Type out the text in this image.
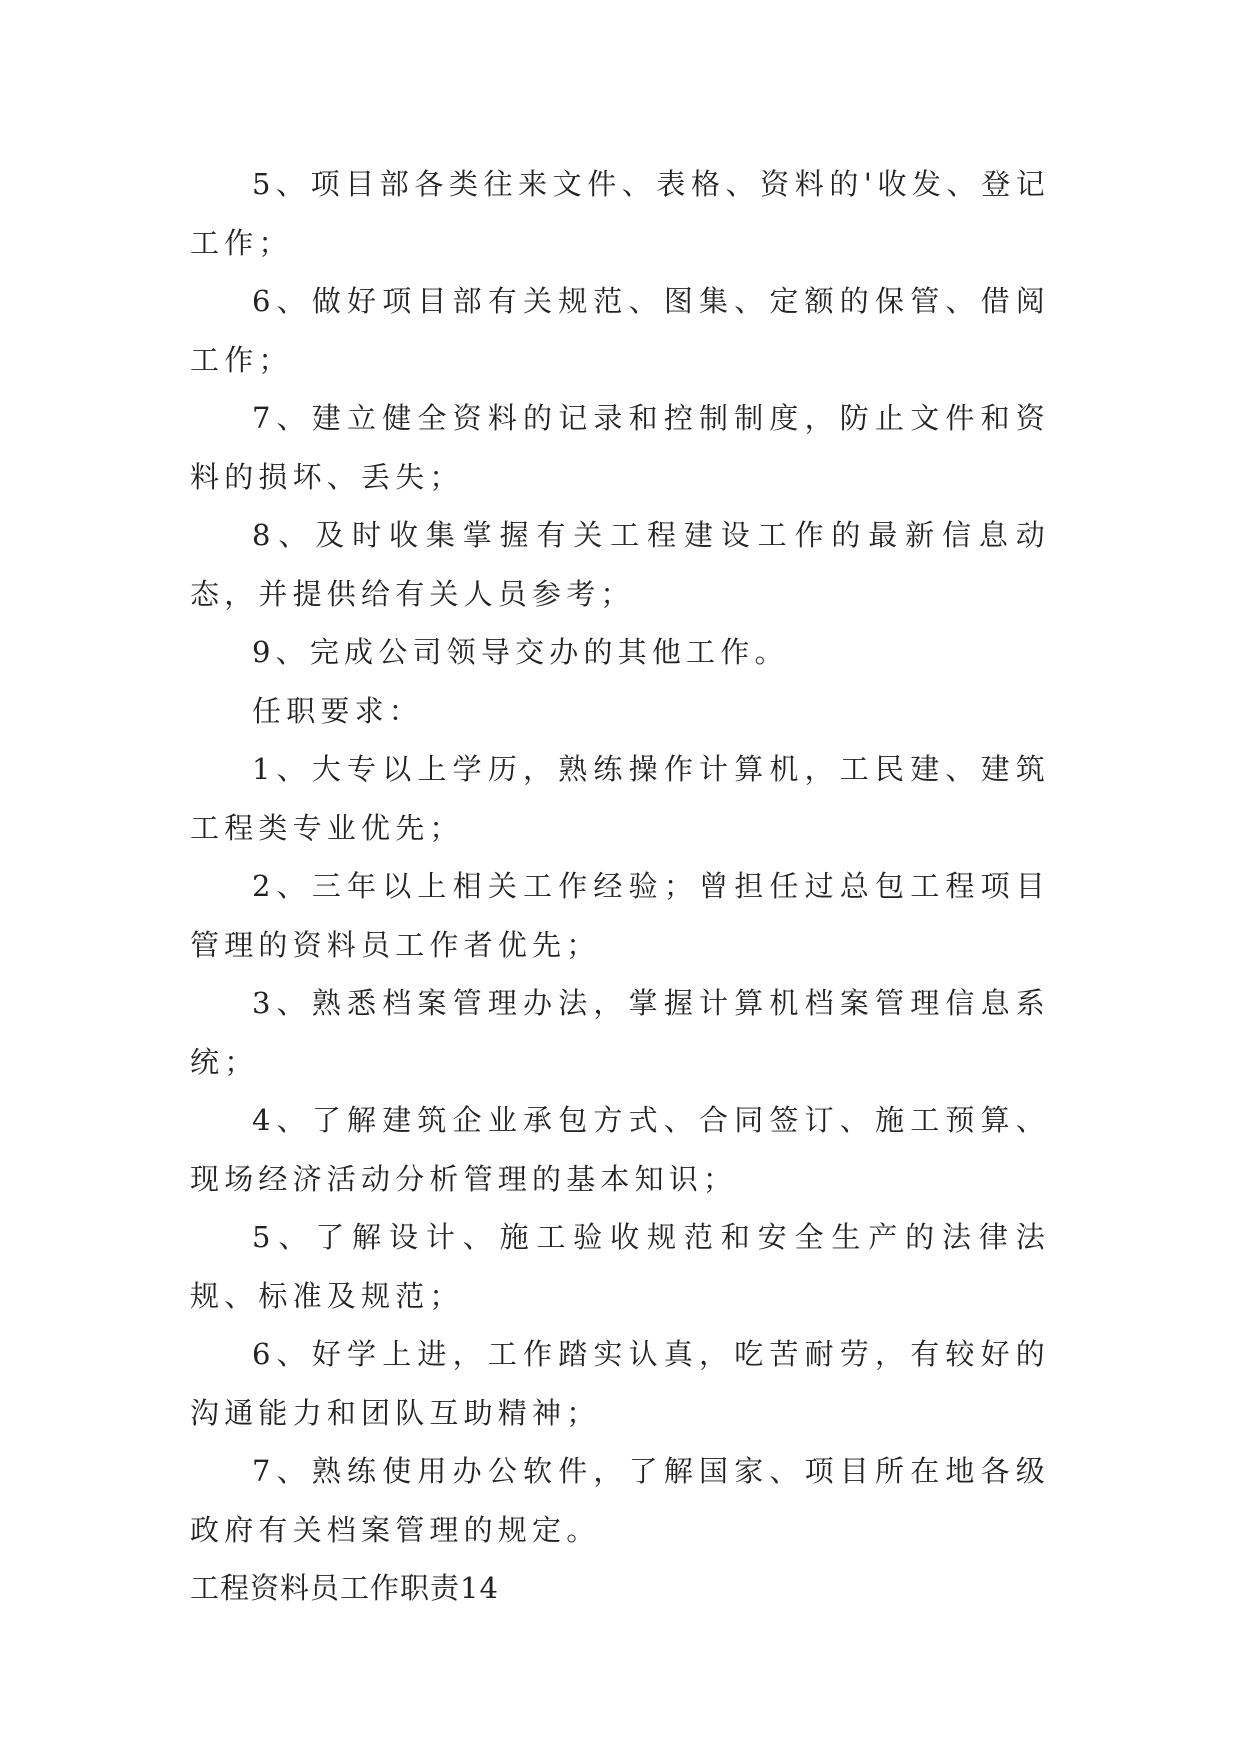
5、项目部各类往来文件、表格、资料的'收发、登记工作；

6、做好项目部有关规范、图集、定额的保管、借阅工作；

7、建立健全资料的记录和控制制度，防止文件和资料的损坏、丢失；

8、及时收集掌握有关工程建设工作的最新信息动态，并提供给有关人员参考；

9、完成公司领导交办的其他工作。

任职要求：

1、大专以上学历，熟练操作计算机，工民建、建筑工程类专业优先；

2、三年以上相关工作经验；曾担任过总包工程项目管理的资料员工作者优先；

3、熟悉档案管理办法，掌握计算机档案管理信息系统；

4、了解建筑企业承包方式、合同签订、施工预算、现场经济活动分析管理的基本知识；

5、了解设计、施工验收规范和安全生产的法律法规、标准及规范；

6、好学上进，工作踏实认真，吃苦耐劳，有较好的沟通能力和团队互助精神；

7、熟练使用办公软件，了解国家、项目所在地各级政府有关档案管理的规定。

工程资料员工作职责14
